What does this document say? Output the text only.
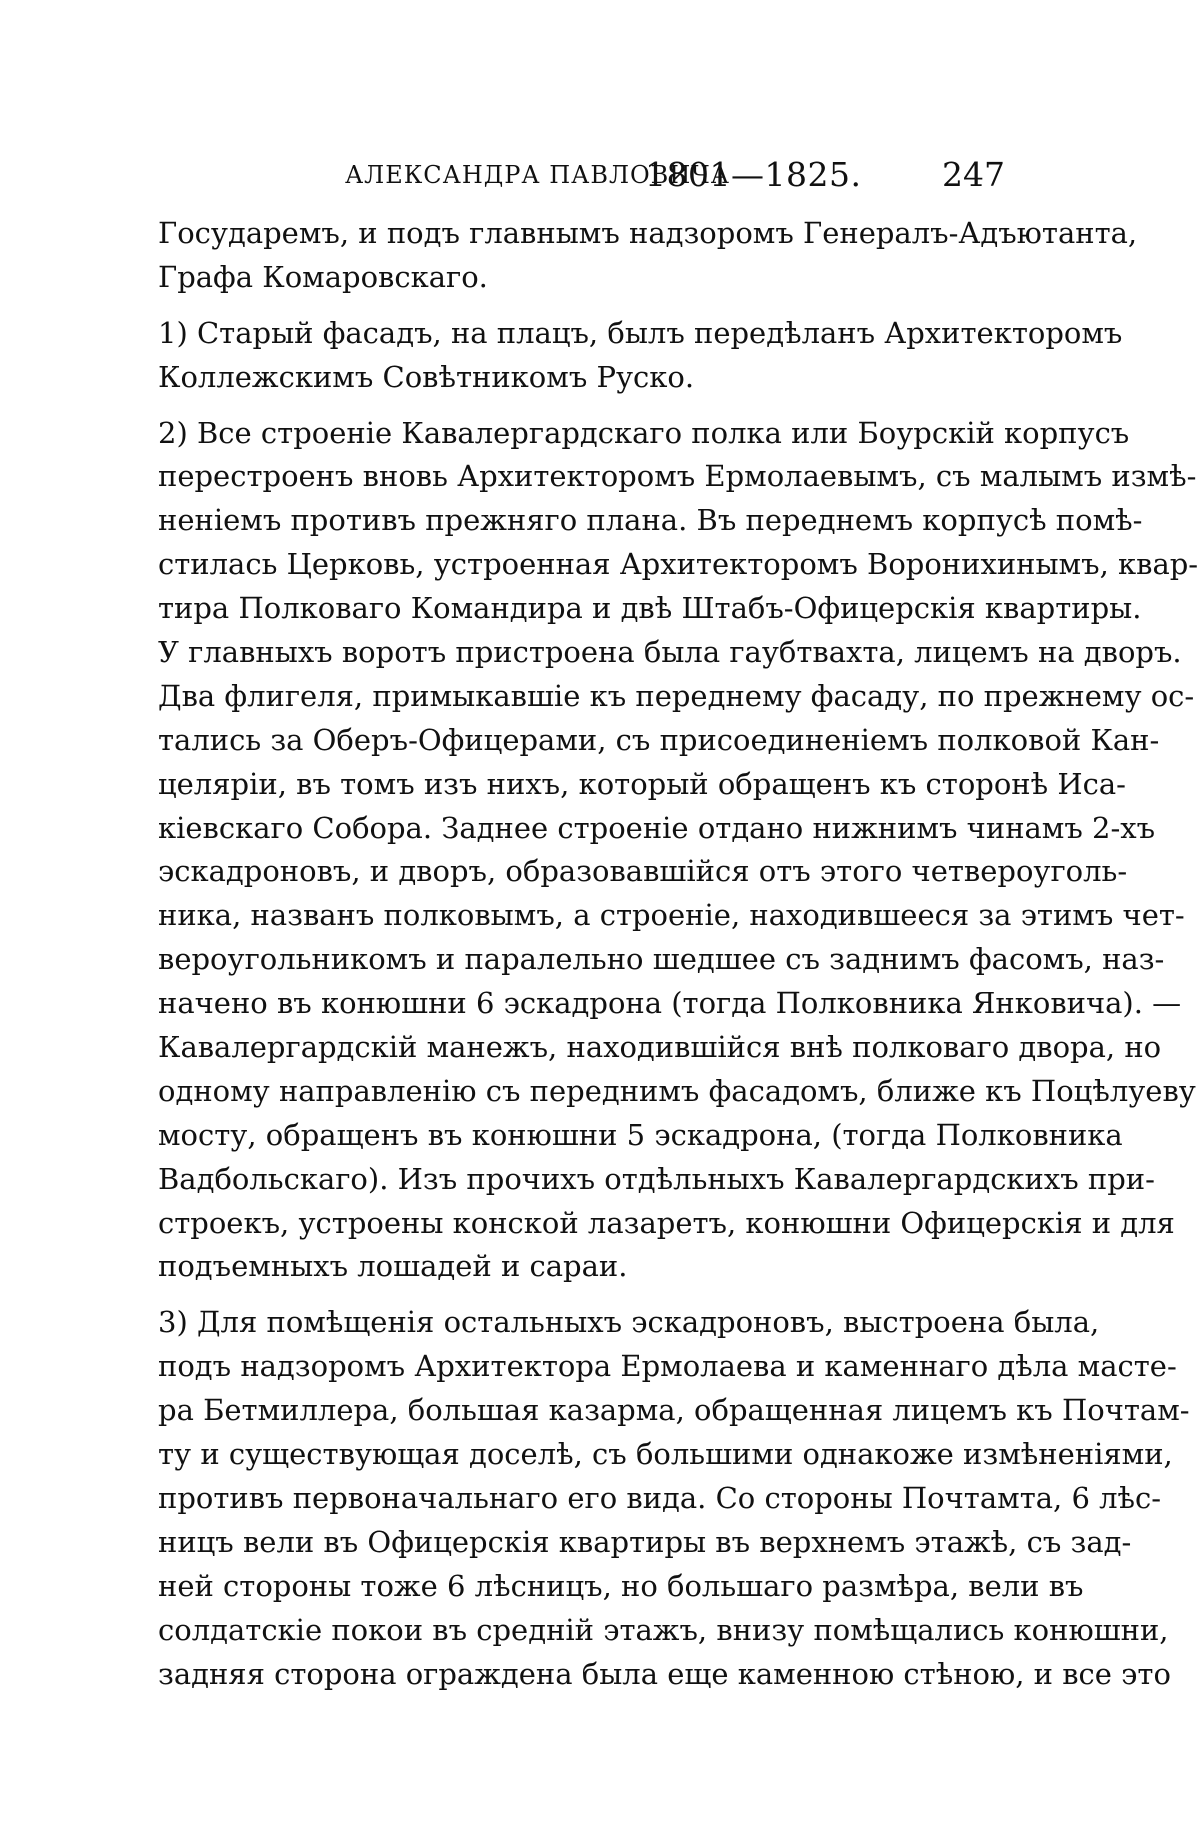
АЛЕКСАНДРА ПАВЛОВИЧА
1801—1825. 247
Государемъ, и подъ главнымъ надзоромъ Генералъ-Адъютанта,
Графа Комаровскаго.
1) Старый фасадъ, на плацъ, былъ передѣланъ Архитекторомъ
Коллежскимъ Совѣтникомъ Руско.
2) Все строеніе Кавалергардскаго полка или Боурскій корпусъ
перестроенъ вновь Архитекторомъ Ермолаевымъ, съ малымъ измѣ-
неніемъ противъ прежняго плана. Въ переднемъ корпусѣ помѣ-
стилась Церковь, устроенная Архитекторомъ Воронихинымъ, квар-
тира Полковаго Командира и двѣ Штабъ-Офицерскія квартиры.
У главныхъ воротъ пристроена была гаубтвахта, лицемъ на дворъ.
Два флигеля, примыкавшіе къ переднему фасаду, по прежнему ос-
тались за Оберъ-Офицерами, съ присоединеніемъ полковой Кан-
целяріи, въ томъ изъ нихъ, который обращенъ къ сторонѣ Иса-
кіевскаго Собора. Заднее строеніе отдано нижнимъ чинамъ 2-хъ
эскадроновъ, и дворъ, образовавшійся отъ этого четвероуголь-
ника, названъ полковымъ, а строеніе, находившееся за этимъ чет-
вероугольникомъ и паралельно шедшее съ заднимъ фасомъ, наз-
начено въ конюшни 6 эскадрона (тогда Полковника Янковича). —
Кавалергардскій манежъ, находившійся внѣ полковаго двора, но
одному направленію съ переднимъ фасадомъ, ближе къ Поцѣлуеву
мосту, обращенъ въ конюшни 5 эскадрона, (тогда Полковника
Вадбольскаго). Изъ прочихъ отдѣльныхъ Кавалергардскихъ при-
строекъ, устроены конской лазаретъ, конюшни Офицерскія и для
подъемныхъ лошадей и сараи.
3) Для помѣщенія остальныхъ эскадроновъ, выстроена была,
подъ надзоромъ Архитектора Ермолаева и каменнаго дѣла мастe-
ра Бетмиллера, большая казарма, обращенная лицемъ къ Почтам-
ту и существующая доселѣ, съ большими однакоже измѣненіями,
противъ первоначальнаго его вида. Со стороны Почтамта, 6 лѣс-
ницъ вели въ Офицерскія квартиры въ верхнемъ этажѣ, съ зад-
ней стороны тоже 6 лѣсницъ, но большаго размѣра, вели въ
солдатскіе покои въ средній этажъ, внизу помѣщались конюшни,
задняя сторона ограждена была еще каменною стѣною, и все это
